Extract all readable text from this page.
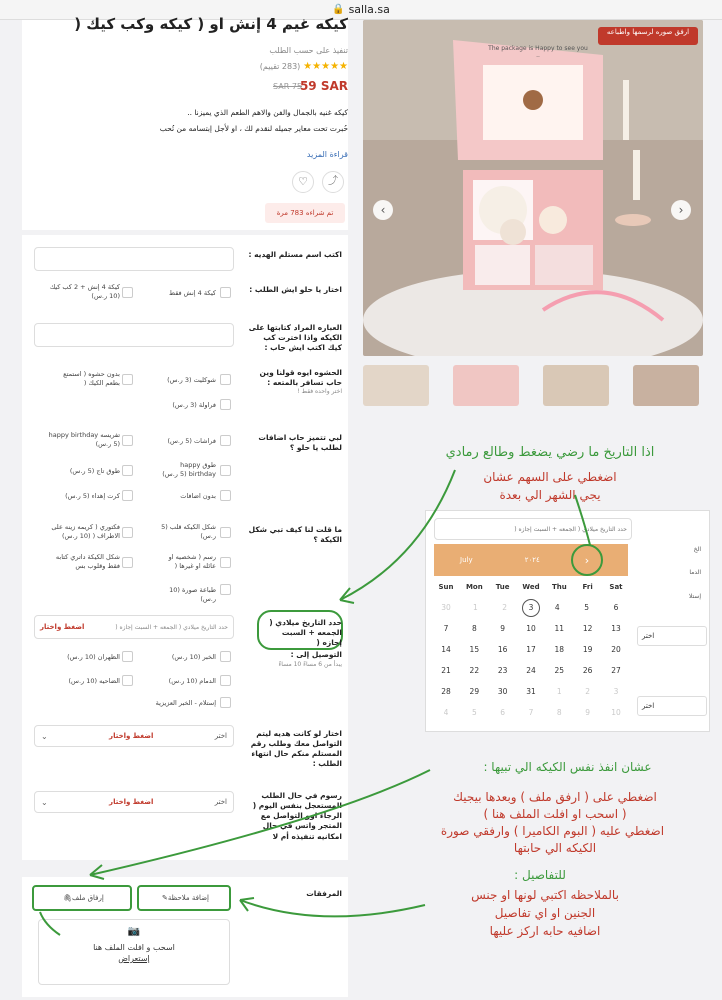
🔒 salla.sa
كيكه غيم 4 إنش او ( كيكه وكب كيك (
تنفيذ على حسب الطلب
★★★★★ (283 تقييم)
59 SAR
SAR 75
كيكه غنيه بالجمال والفن والاهم الطعم الذي يميزنا ..
حُبرت تحت معاير جميله لنقدم لك ، او لأجل إبتسامه من تُحب
قراءة المزيد
⤴
♡
تم شراءه 783 مرة
ارفق صوره لرسمها واطباعه
The package is Happy to see you ..
‹	›
اكتب اسم مستلم الهديه :
اختار يا حلو ايش الطلب :
كيكة 4 إنش فقط
كيكة 4 إنش + 2 كب كيك (10 ر.س)
العباره المراد كتابتها على الكيكه واذا اخترت كب كيك اكتب ايش حاب :
الحشوه ايوه قولنا وين حاب تسافر بالمتعه :
اختر واحده فقط !
شوكليت (3 ر.س)
بدون حشوه ( استمتع بطعم الكيك (
فراولة (3 ر.س)
لبي تتميز حاب اضافات لطلب يا حلو ؟
فراشات (5 ر.س)
تفريسه happy birthday (5 ر.س)
طوق happy birthday (5 ر.س)
طوق تاج (5 ر.س)
بدون اضافات
كرت إهداء (5 ر.س)
ما قلت لنا كيف تبي شكل الكيكة ؟
شكل الكيكه قلب (5 ر.س)
فكتوري ( كريمه زينه على الاطراف ( (10 ر.س)
رسم ( شخصيه او عائله او غيرها (
شكل الكيكة داتري كتابه فقط وقلوب بس
طباعة صورة (10 ر.س)
حدد التاريخ ميلادي ( الجمعه + السبت إجازه (
اضغط واختار	حدد التاريخ ميلادي ( الجمعه + السبت إجازه (
التوصيل إلى :
يبدأ من 6 مساءً 10 مساءً
الخبر (10 ر.س)
الظهران (10 ر.س)
الدمام (10 ر.س)
الضاحيه (10 ر.س)
إستلام - الخبر العزيزية
اختار لو كانت هديه ليتم التواصل معك وطلب رقم المستلم منكم حال انتهاء الطلب :
⌄	اضغط واختار	اختر
رسوم في حال الطلب المستعجل بنفس اليوم ( الرجاء اوو التواصل مع المتجر واتس في حال امكانيه تنفيذه أم لا
⌄	اضغط واختار	اختر
المرفقات
✎ إضافة ملاحظة
🖇 إرفاق ملف
📷
اسحب و افلت الملف هنا
إستعراض
حدد التاريخ ميلادي ( الجمعه + السبت إجازه (
July	٢٠٢٤	›
Sun	Mon	Tue	Wed	Thu	Fri	Sat
30	1	2	3	4	5	6
7	8	9	10	11	12	13
14	15	16	17	18	19	20
21	22	23	24	25	26	27
28	29	30	31	1	2	3
4	5	6	7	8	9	10
الخ
الدما
إستلا
اختر
اختر
اذا التاريخ ما رضي يضغط وطالع رمادي
اضغطي على السهم عشان
يجي الشهر الي بعدة
عشان انفذ نفس الكيكه الي تبيها :
اضغطي على ( ارفق ملف ) وبعدها بيجيك
( اسحب او افلت الملف هنا )
اضغطي عليه ( البوم الكاميرا ) وارفقي صورة
الكيكه الي حابتها
للتفاصيل :
بالملاحظه اكتبي لونها او جنس
الجنين او اي تفاصيل
اضافيه حابه اركز عليها
